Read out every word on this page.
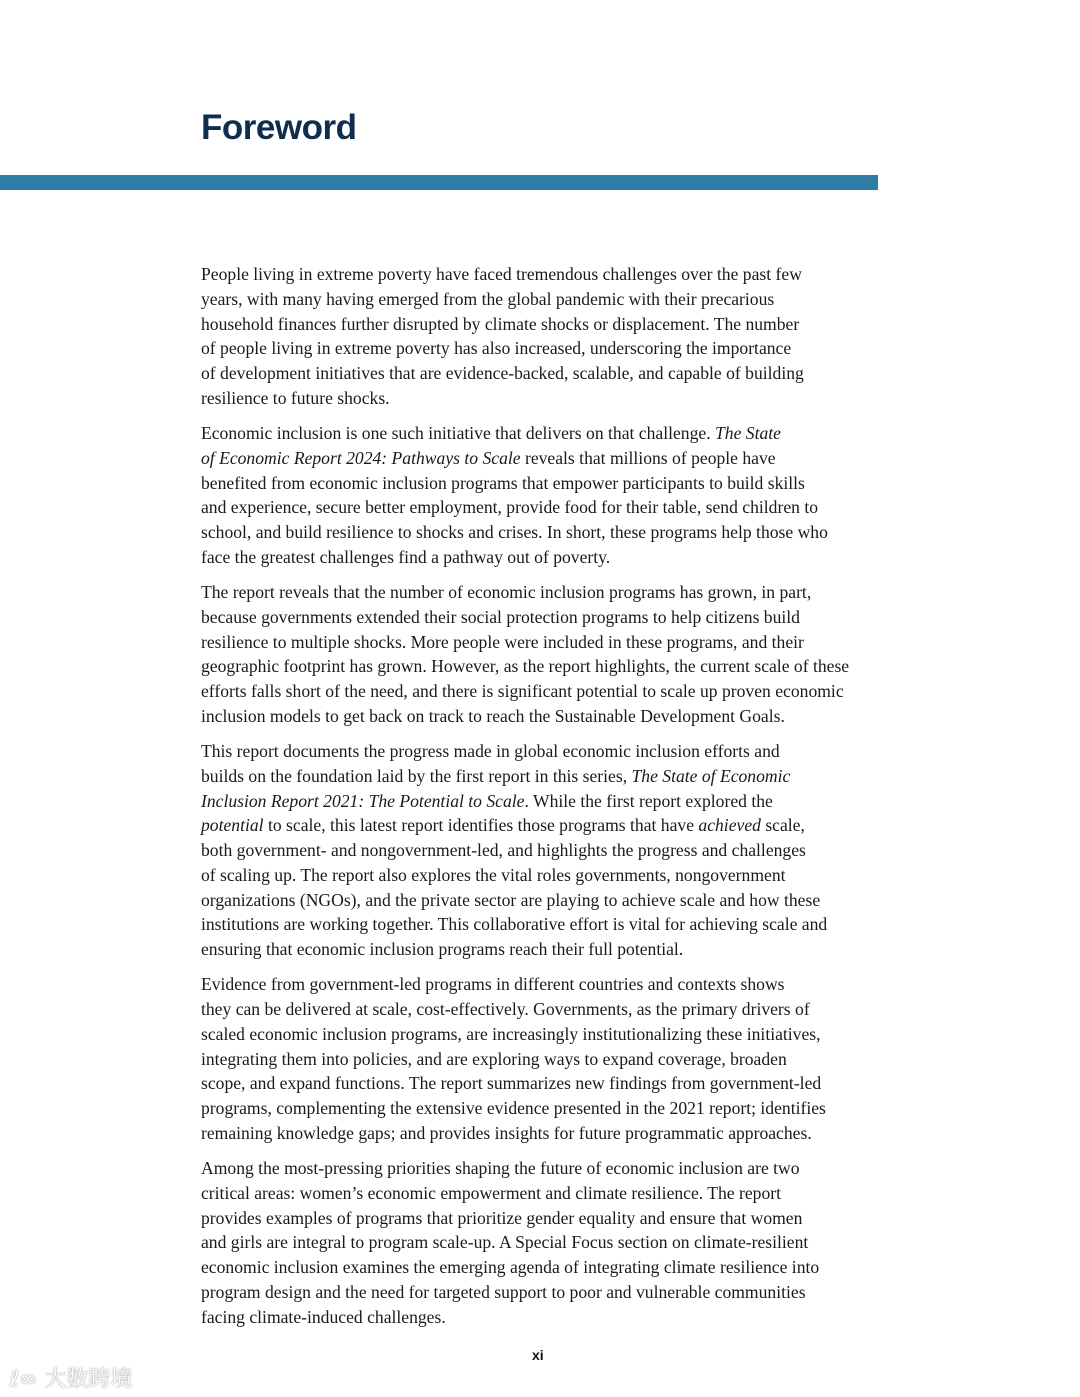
Foreword
People living in extreme poverty have faced tremendous challenges over the past few
years, with many having emerged from the global pandemic with their precarious
household finances further disrupted by climate shocks or displacement. The number
of people living in extreme poverty has also increased, underscoring the importance
of development initiatives that are evidence-backed, scalable, and capable of building
resilience to future shocks.
Economic inclusion is one such initiative that delivers on that challenge. The State
of Economic Report 2024: Pathways to Scale reveals that millions of people have
benefited from economic inclusion programs that empower participants to build skills
and experience, secure better employment, provide food for their table, send children to
school, and build resilience to shocks and crises. In short, these programs help those who
face the greatest challenges find a pathway out of poverty.
The report reveals that the number of economic inclusion programs has grown, in part,
because governments extended their social protection programs to help citizens build
resilience to multiple shocks. More people were included in these programs, and their
geographic footprint has grown. However, as the report highlights, the current scale of these
efforts falls short of the need, and there is significant potential to scale up proven economic
inclusion models to get back on track to reach the Sustainable Development Goals.
This report documents the progress made in global economic inclusion efforts and
builds on the foundation laid by the first report in this series, The State of Economic
Inclusion Report 2021: The Potential to Scale. While the first report explored the
potential to scale, this latest report identifies those programs that have achieved scale,
both government- and nongovernment-led, and highlights the progress and challenges
of scaling up. The report also explores the vital roles governments, nongovernment
organizations (NGOs), and the private sector are playing to achieve scale and how these
institutions are working together. This collaborative effort is vital for achieving scale and
ensuring that economic inclusion programs reach their full potential.
Evidence from government-led programs in different countries and contexts shows
they can be delivered at scale, cost-effectively. Governments, as the primary drivers of
scaled economic inclusion programs, are increasingly institutionalizing these initiatives,
integrating them into policies, and are exploring ways to expand coverage, broaden
scope, and expand functions. The report summarizes new findings from government-led
programs, complementing the extensive evidence presented in the 2021 report; identifies
remaining knowledge gaps; and provides insights for future programmatic approaches.
Among the most-pressing priorities shaping the future of economic inclusion are two
critical areas: women’s economic empowerment and climate resilience. The report
provides examples of programs that prioritize gender equality and ensure that women
and girls are integral to program scale-up. A Special Focus section on climate-resilient
economic inclusion examines the emerging agenda of integrating climate resilience into
program design and the need for targeted support to poor and vulnerable communities
facing climate-induced challenges.
xi
ℓ∞ 大数跨境
